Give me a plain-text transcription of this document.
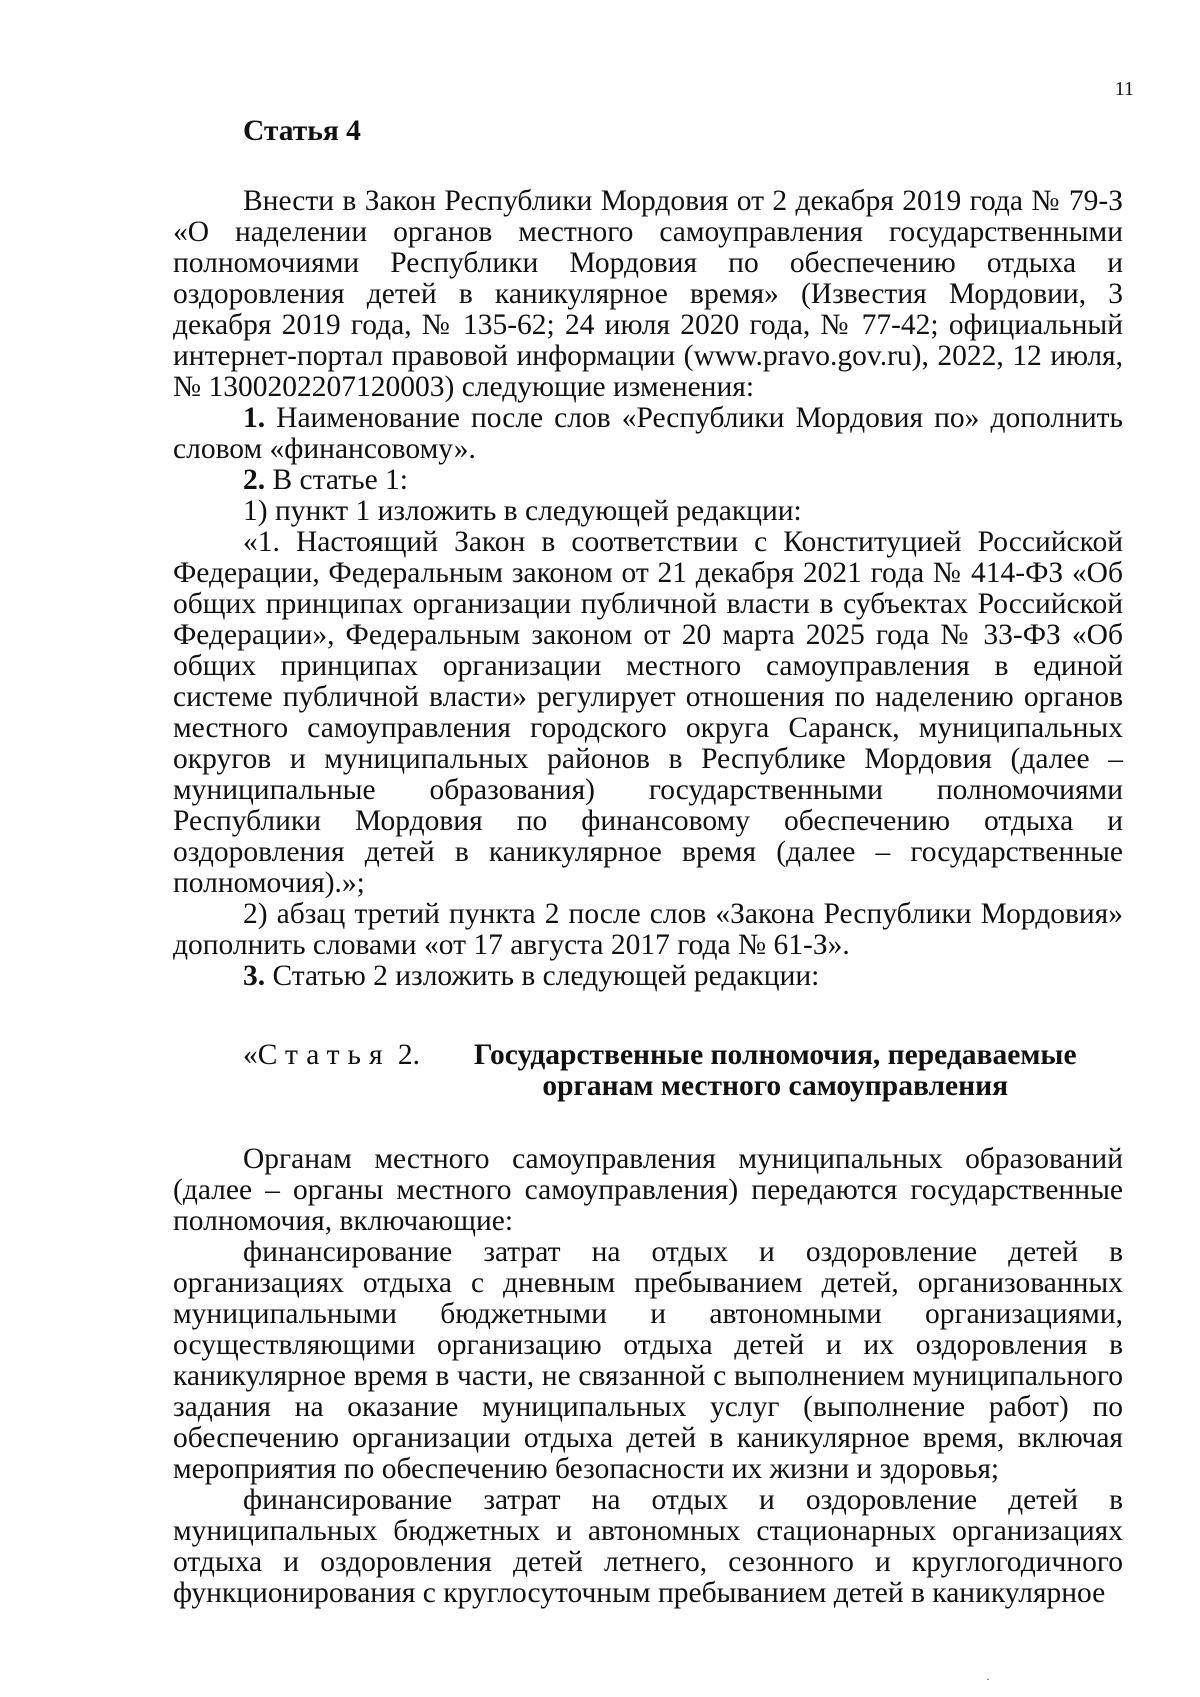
11
Статья 4

Внести в Закон Республики Мордовия от 2 декабря 2019 года № 79-З «О наделении органов местного самоуправления государственными полномочиями Республики Мордовия по обеспечению отдыха и оздоровления детей в каникулярное время» (Известия Мордовии, 3 декабря 2019 года, № 135-62; 24 июля 2020 года, № 77-42; официальный интернет-портал правовой информации (www.pravo.gov.ru), 2022, 12 июля, № 1300202207120003) следующие изменения:

1. Наименование после слов «Республики Мордовия по» дополнить словом «финансовому».

2. В статье 1:

1) пункт 1 изложить в следующей редакции:

«1. Настоящий Закон в соответствии с Конституцией Российской Федерации, Федеральным законом от 21 декабря 2021 года № 414-ФЗ «Об общих принципах организации публичной власти в субъектах Российской Федерации», Федеральным законом от 20 марта 2025 года № 33-ФЗ «Об общих принципах организации местного самоуправления в единой системе публичной власти» регулирует отношения по наделению органов местного самоуправления городского округа Саранск, муниципальных округов и муниципальных районов в Республике Мордовия (далее – муниципальные образования) государственными полномочиями Республики Мордовия по финансовому обеспечению отдыха и оздоровления детей в каникулярное время (далее – государственные полномочия).»;

2) абзац третий пункта 2 после слов «Закона Республики Мордовия» дополнить словами «от 17 августа 2017 года № 61-З».

3. Статью 2 изложить в следующей редакции:

«Статья 2.	Государственные полномочия, передаваемые органам местного самоуправления

Органам местного самоуправления муниципальных образований (далее – органы местного самоуправления) передаются государственные полномочия, включающие:

финансирование затрат на отдых и оздоровление детей в организациях отдыха с дневным пребыванием детей, организованных муниципальными бюджетными и автономными организациями, осуществляющими организацию отдыха детей и их оздоровления в каникулярное время в части, не связанной с выполнением муниципального задания на оказание муниципальных услуг (выполнение работ) по обеспечению организации отдыха детей в каникулярное время, включая мероприятия по обеспечению безопасности их жизни и здоровья;

финансирование затрат на отдых и оздоровление детей в муниципальных бюджетных и автономных стационарных организациях отдыха и оздоровления детей летнего, сезонного и круглогодичного функционирования с круглосуточным пребыванием детей в каникулярное

·
